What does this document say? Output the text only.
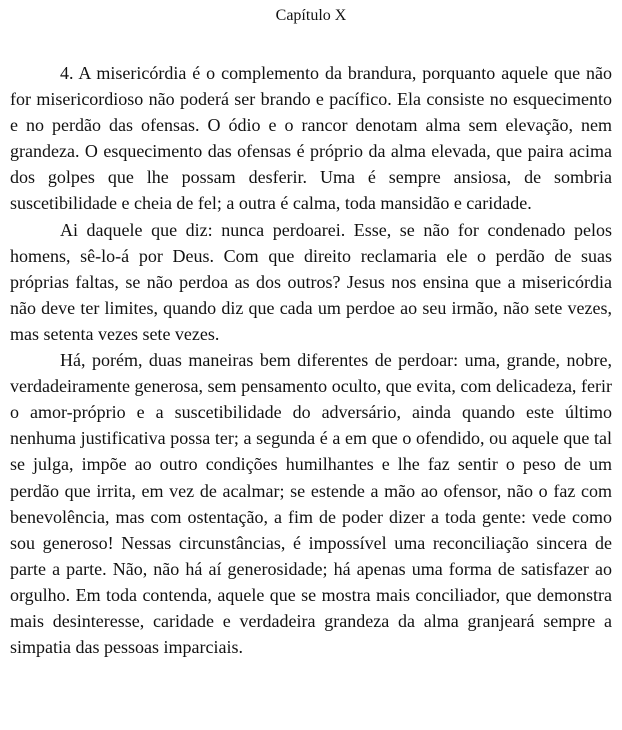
Capítulo X

4. A misericórdia é o complemento da brandura, porquanto aquele que não for misericordioso não poderá ser brando e pacífico. Ela consiste no esquecimento e no perdão das ofensas. O ódio e o rancor denotam alma sem elevação, nem grandeza. O esquecimento das ofensas é próprio da alma elevada, que paira acima dos golpes que lhe possam desferir. Uma é sempre ansiosa, de sombria suscetibilidade e cheia de fel; a outra é calma, toda mansidão e caridade.

Ai daquele que diz: nunca perdoarei. Esse, se não for condenado pelos homens, sê-lo-á por Deus. Com que direito reclamaria ele o perdão de suas próprias faltas, se não perdoa as dos outros? Jesus nos ensina que a misericórdia não deve ter limites, quando diz que cada um perdoe ao seu irmão, não sete vezes, mas setenta vezes sete vezes.

Há, porém, duas maneiras bem diferentes de perdoar: uma, grande, nobre, verdadeiramente generosa, sem pensamento oculto, que evita, com delicadeza, ferir o amor-próprio e a suscetibilidade do adversário, ainda quando este último nenhuma justificativa possa ter; a segunda é a em que o ofendido, ou aquele que tal se julga, impõe ao outro condições humilhantes e lhe faz sentir o peso de um perdão que irrita, em vez de acalmar; se estende a mão ao ofensor, não o faz com benevolência, mas com ostentação, a fim de poder dizer a toda gente: vede como sou generoso! Nessas circunstâncias, é impossível uma reconciliação sincera de parte a parte. Não, não há aí generosidade; há apenas uma forma de satisfazer ao orgulho. Em toda contenda, aquele que se mostra mais conciliador, que demonstra mais desinteresse, caridade e verdadeira grandeza da alma granjeará sempre a simpatia das pessoas imparciais.
